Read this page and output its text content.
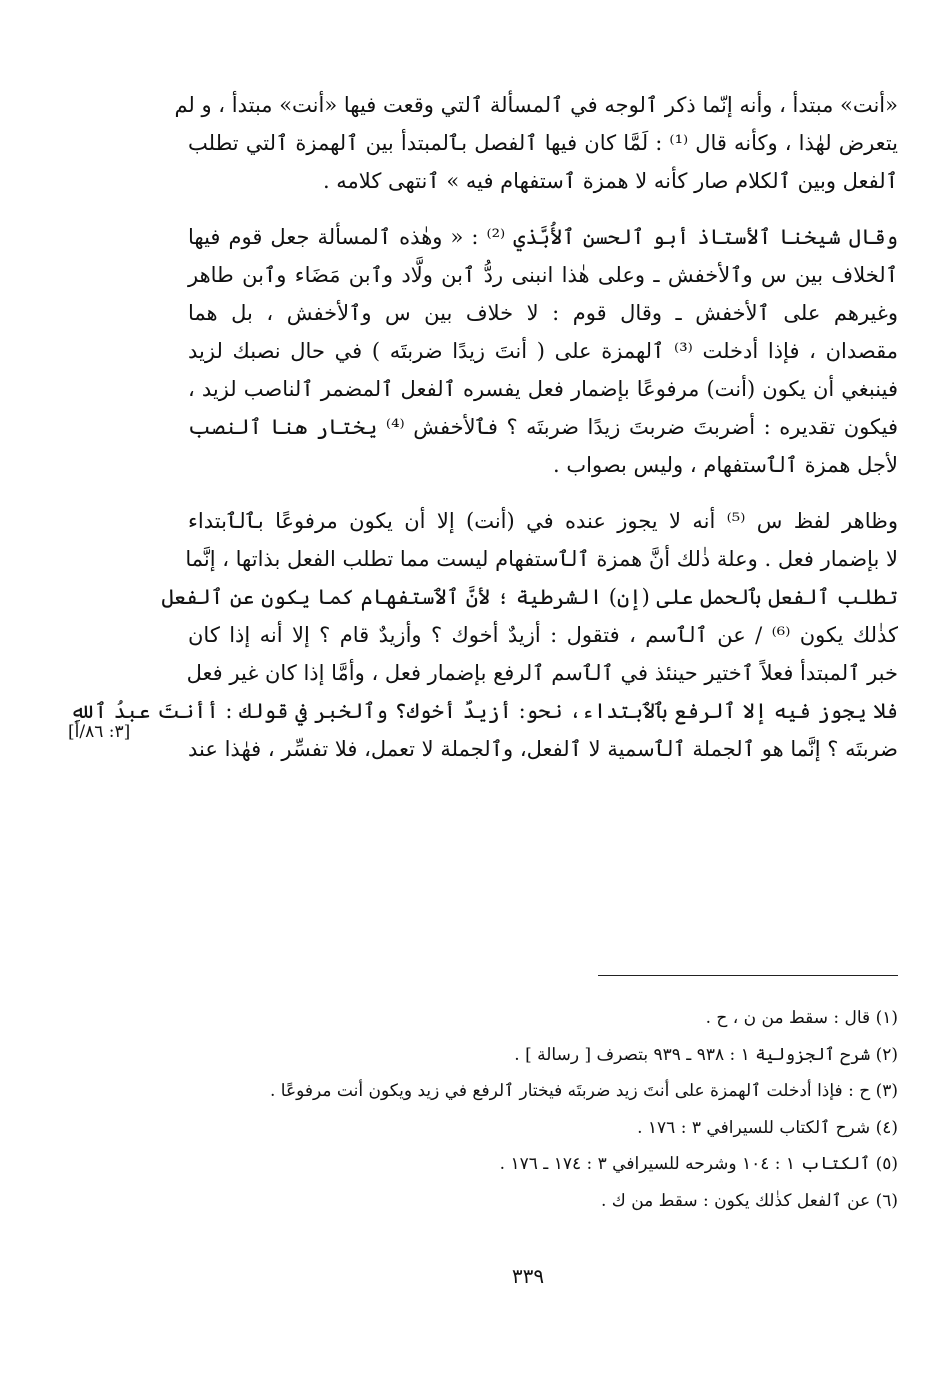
«أنت» مبتدأ ، وأنه إنّما ذكر ٱلوجه في ٱلمسألة ٱلتي وقعت فيها «أنت» مبتدأ ، و لم
يتعرض لهٰذا ، وكأنه قال ⁽¹⁾ : لَمَّا كان فيها ٱلفصل بٱلمبتدأ بين ٱلهمزة ٱلتي تطلب
ٱلفعل وبين ٱلكلام صار كأنه لا همزة ٱستفهام فيه » ٱنتهى كلامه .
وقال شيخنا ٱلأستاذ أبو ٱلحسن ٱلأُبَّذي ⁽²⁾ : « وهٰذه ٱلمسألة جعل قوم فيها
ٱلخلاف بين س وٱلأخفش ـ وعلى هٰذا انبنى ردُّ ٱبن ولَّاد وٱبن مَضَاء وٱبن طاهر
وغيرهم على ٱلأخفش ـ وقال قوم : لا خلاف بين س وٱلأخفش ، بل هما
مقصدان ، فإذا أدخلت ⁽³⁾ ٱلهمزة على ( أنتَ زيدًا ضربتَه ) في حال نصبك لزيد
فينبغي أن يكون (أنت) مرفوعًا بإضمار فعل يفسره ٱلفعل ٱلمضمر ٱلناصب لزيد ،
فيكون تقديره : أضربتَ ضربتَ زيدًا ضربتَه ؟ فٱلأخفش ⁽⁴⁾ يختار هنا ٱلنصب
لأجل همزة ٱلٱستفهام ، وليس بصواب .
وظاهر لفظ س ⁽⁵⁾ أنه لا يجوز عنده في (أنت) إلا أن يكون مرفوعًا بٱلٱبتداء
لا بإضمار فعل . وعلة ذٰلك أنَّ همزة ٱلٱستفهام ليست مما تطلب الفعل بذاتها ، إنَّما
تطلب ٱلفعل بٱلحمل على (إن) الشرطية ؛ لأنَّ ٱلٱستفهام كما يكون عن ٱلفعل
كذٰلك يكون ⁽⁶⁾ / عن ٱلٱسم ، فتقول : أزيدٌ أخوك ؟ وأزيدٌ قام ؟ إلا أنه إذا كان
خبر ٱلمبتدأ فعلاً ٱختير حينئذ في ٱلٱسم ٱلرفع بإضمار فعل ، وأمَّا إذا كان غير فعل
فلا يجوز فيه إلا ٱلرفع بٱلٱبتداء، نحو: أزيدٌ أخوك؟ وٱلخبر في قولك : أأنتَ عبدُ ٱللهِ
ضربتَه ؟ إنَّما هو ٱلجملة ٱلٱسمية لا ٱلفعل، وٱلجملة لا تعمل، فلا تفسِّر ، فهٰذا عند
[٣: ٨٦/أ]
(١) قال : سقط من ن ، ح .
(٢) شرح ٱلجزولية ١ : ٩٣٨ ـ ٩٣٩ بتصرف [ رسالة ] .
(٣) ح : فإذا أدخلت ٱلهمزة على أنتَ زيد ضربتَه فيختار ٱلرفع في زيد ويكون أنت مرفوعًا .
(٤) شرح ٱلكتاب للسيرافي ٣ : ١٧٦ .
(٥) ٱلكتاب ١ : ١٠٤ وشرحه للسيرافي ٣ : ١٧٤ ـ ١٧٦ .
(٦) عن ٱلفعل كذٰلك يكون : سقط من ك .
٣٣٩
